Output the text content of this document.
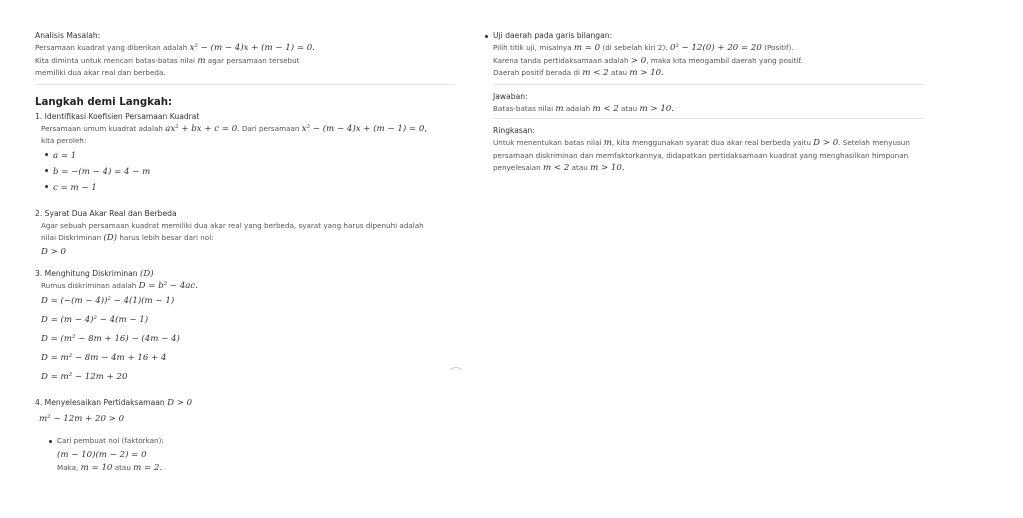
Analisis Masalah:

Persamaan kuadrat yang diberikan adalah x² − (m − 4)x + (m − 1) = 0.

Kita diminta untuk mencari batas-batas nilai m agar persamaan tersebut

memiliki dua akar real dan berbeda.

Langkah demi Langkah:

1. Identifikasi Koefisien Persamaan Kuadrat

Persamaan umum kuadrat adalah ax² + bx + c = 0. Dari persamaan x² − (m − 4)x + (m − 1) = 0,

kita peroleh:

a = 1

b = −(m − 4) = 4 − m

c = m − 1

2. Syarat Dua Akar Real dan Berbeda

Agar sebuah persamaan kuadrat memiliki dua akar real yang berbeda, syarat yang harus dipenuhi adalah

nilai Diskriminan (D) harus lebih besar dari nol:

D > 0

3. Menghitung Diskriminan (D)

Rumus diskriminan adalah D = b² − 4ac.

D = (−(m − 4))² − 4(1)(m − 1)

D = (m − 4)² − 4(m − 1)

D = (m² − 8m + 16) − (4m − 4)

D = m² − 8m − 4m + 16 + 4

D = m² − 12m + 20

4. Menyelesaikan Pertidaksamaan D > 0

m² − 12m + 20 > 0

Cari pembuat nol (faktorkan):

(m − 10)(m − 2) = 0

Maka, m = 10 atau m = 2.

Uji daerah pada garis bilangan:

Pilih titik uji, misalnya m = 0 (di sebelah kiri 2): 0² − 12(0) + 20 = 20 (Positif).

Karena tanda pertidaksamaan adalah > 0, maka kita mengambil daerah yang positif.

Daerah positif berada di m < 2 atau m > 10.

Jawaban:

Batas-batas nilai m adalah m < 2 atau m > 10.

Ringkasan:

Untuk menentukan batas nilai m, kita menggunakan syarat dua akar real berbeda yaitu D > 0. Setelah menyusun

persamaan diskriminan dan memfaktorkannya, didapatkan pertidaksamaan kuadrat yang menghasilkan himpunan

penyelesaian m < 2 atau m > 10.
